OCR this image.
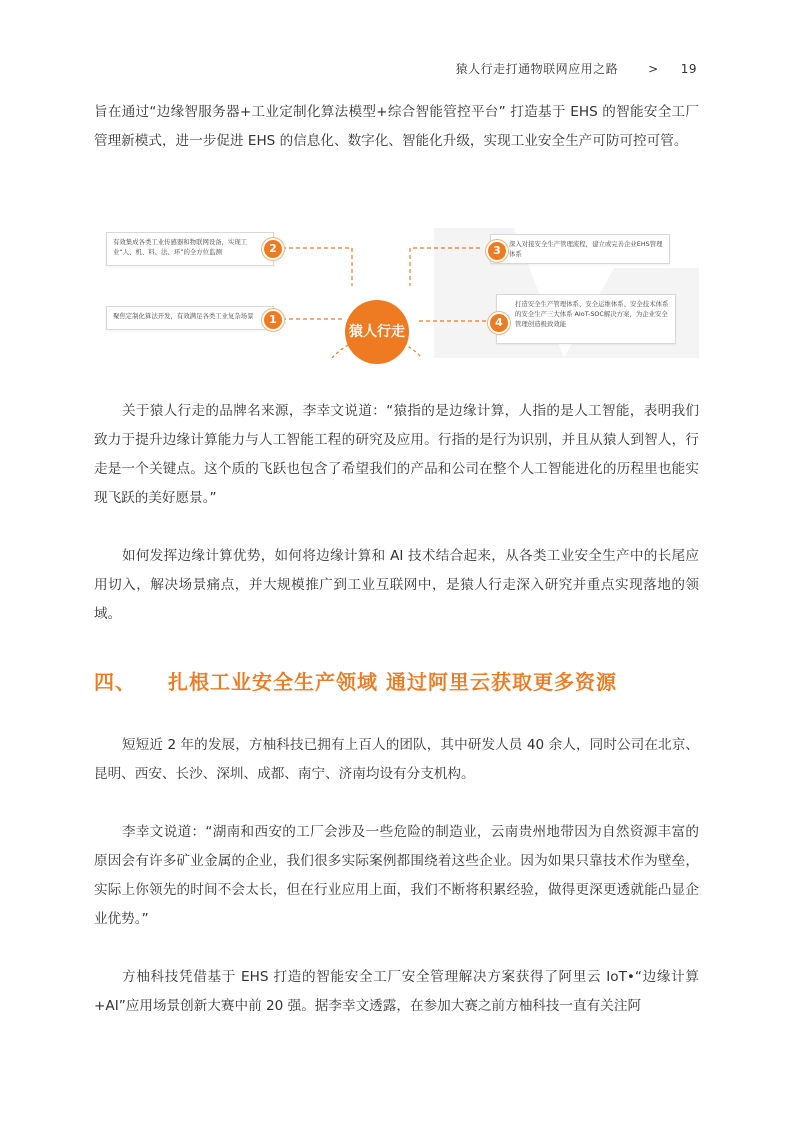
猿人行走打通物联网应用之路	> 19

旨在通过“边缘智服务器+工业定制化算法模型+综合智能管控平台” 打造基于 EHS 的智能安全工厂管理新模式，进一步促进 EHS 的信息化、数字化、智能化升级，实现工业安全生产可防可控可管。

有效集成各类工业传感器和物联网设备，实现工业“人、机、料、法、环”的全方位监测	2
聚焦定制化算法开发，有效满足各类工业复杂场景	1
深入对接安全生产管理流程，建立或完善企业EHS管理体系
3
打造安全生产管理体系、安全运维体系、安全技术体系的安全生产三大体系 AIoT-SOC解决方案，为企业安全管理创造极致效能
4
猿人行走

关于猿人行走的品牌名来源，李幸文说道：“猿指的是边缘计算，人指的是人工智能，表明我们致力于提升边缘计算能力与人工智能工程的研究及应用。行指的是行为识别，并且从猿人到智人，行走是一个关键点。这个质的飞跃也包含了希望我们的产品和公司在整个人工智能进化的历程里也能实现飞跃的美好愿景。”

如何发挥边缘计算优势，如何将边缘计算和 AI 技术结合起来，从各类工业安全生产中的长尾应用切入，解决场景痛点，并大规模推广到工业互联网中，是猿人行走深入研究并重点实现落地的领域。

四、 扎根工业安全生产领域 通过阿里云获取更多资源

短短近 2 年的发展，方柚科技已拥有上百人的团队，其中研发人员 40 余人，同时公司在北京、昆明、西安、长沙、深圳、成都、南宁、济南均设有分支机构。

李幸文说道：“湖南和西安的工厂会涉及一些危险的制造业，云南贵州地带因为自然资源丰富的原因会有许多矿业金属的企业，我们很多实际案例都围绕着这些企业。因为如果只靠技术作为壁垒，实际上你领先的时间不会太长，但在行业应用上面，我们不断将积累经验，做得更深更透就能凸显企业优势。”

方柚科技凭借基于 EHS 打造的智能安全工厂安全管理解决方案获得了阿里云 IoT•“边缘计算+AI”应用场景创新大赛中前 20 强。据李幸文透露，在参加大赛之前方柚科技一直有关注阿
